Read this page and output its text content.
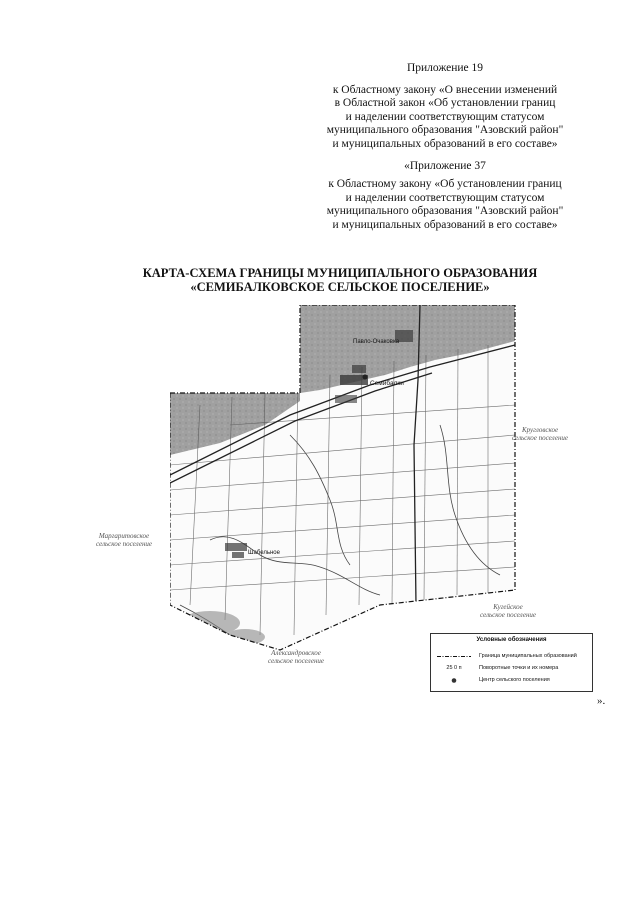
Приложение 19
к Областному закону «О внесении изменений
в Областной закон «Об установлении границ
и наделении соответствующим статусом
муниципального образования "Азовский район"
и муниципальных образований в его составе»
«Приложение 37
к Областному закону «Об установлении границ
и наделении соответствующим статусом
муниципального образования "Азовский район"
и муниципальных образований в его составе»
КАРТА-СХЕМА ГРАНИЦЫ МУНИЦИПАЛЬНОГО ОБРАЗОВАНИЯ
«СЕМИБАЛКОВСКОЕ СЕЛЬСКОЕ ПОСЕЛЕНИЕ»
Павло-Очаковка
Семибалки
Шабельное
Кругловское
сельское поселение
Маргаритовское
сельское поселение
Кугейское
сельское поселение
Александровское
сельское поселение
Условные обозначения
Граница муниципальных образований
25 0 п	Поворотные точки и их номера
Центр сельского поселения
».
